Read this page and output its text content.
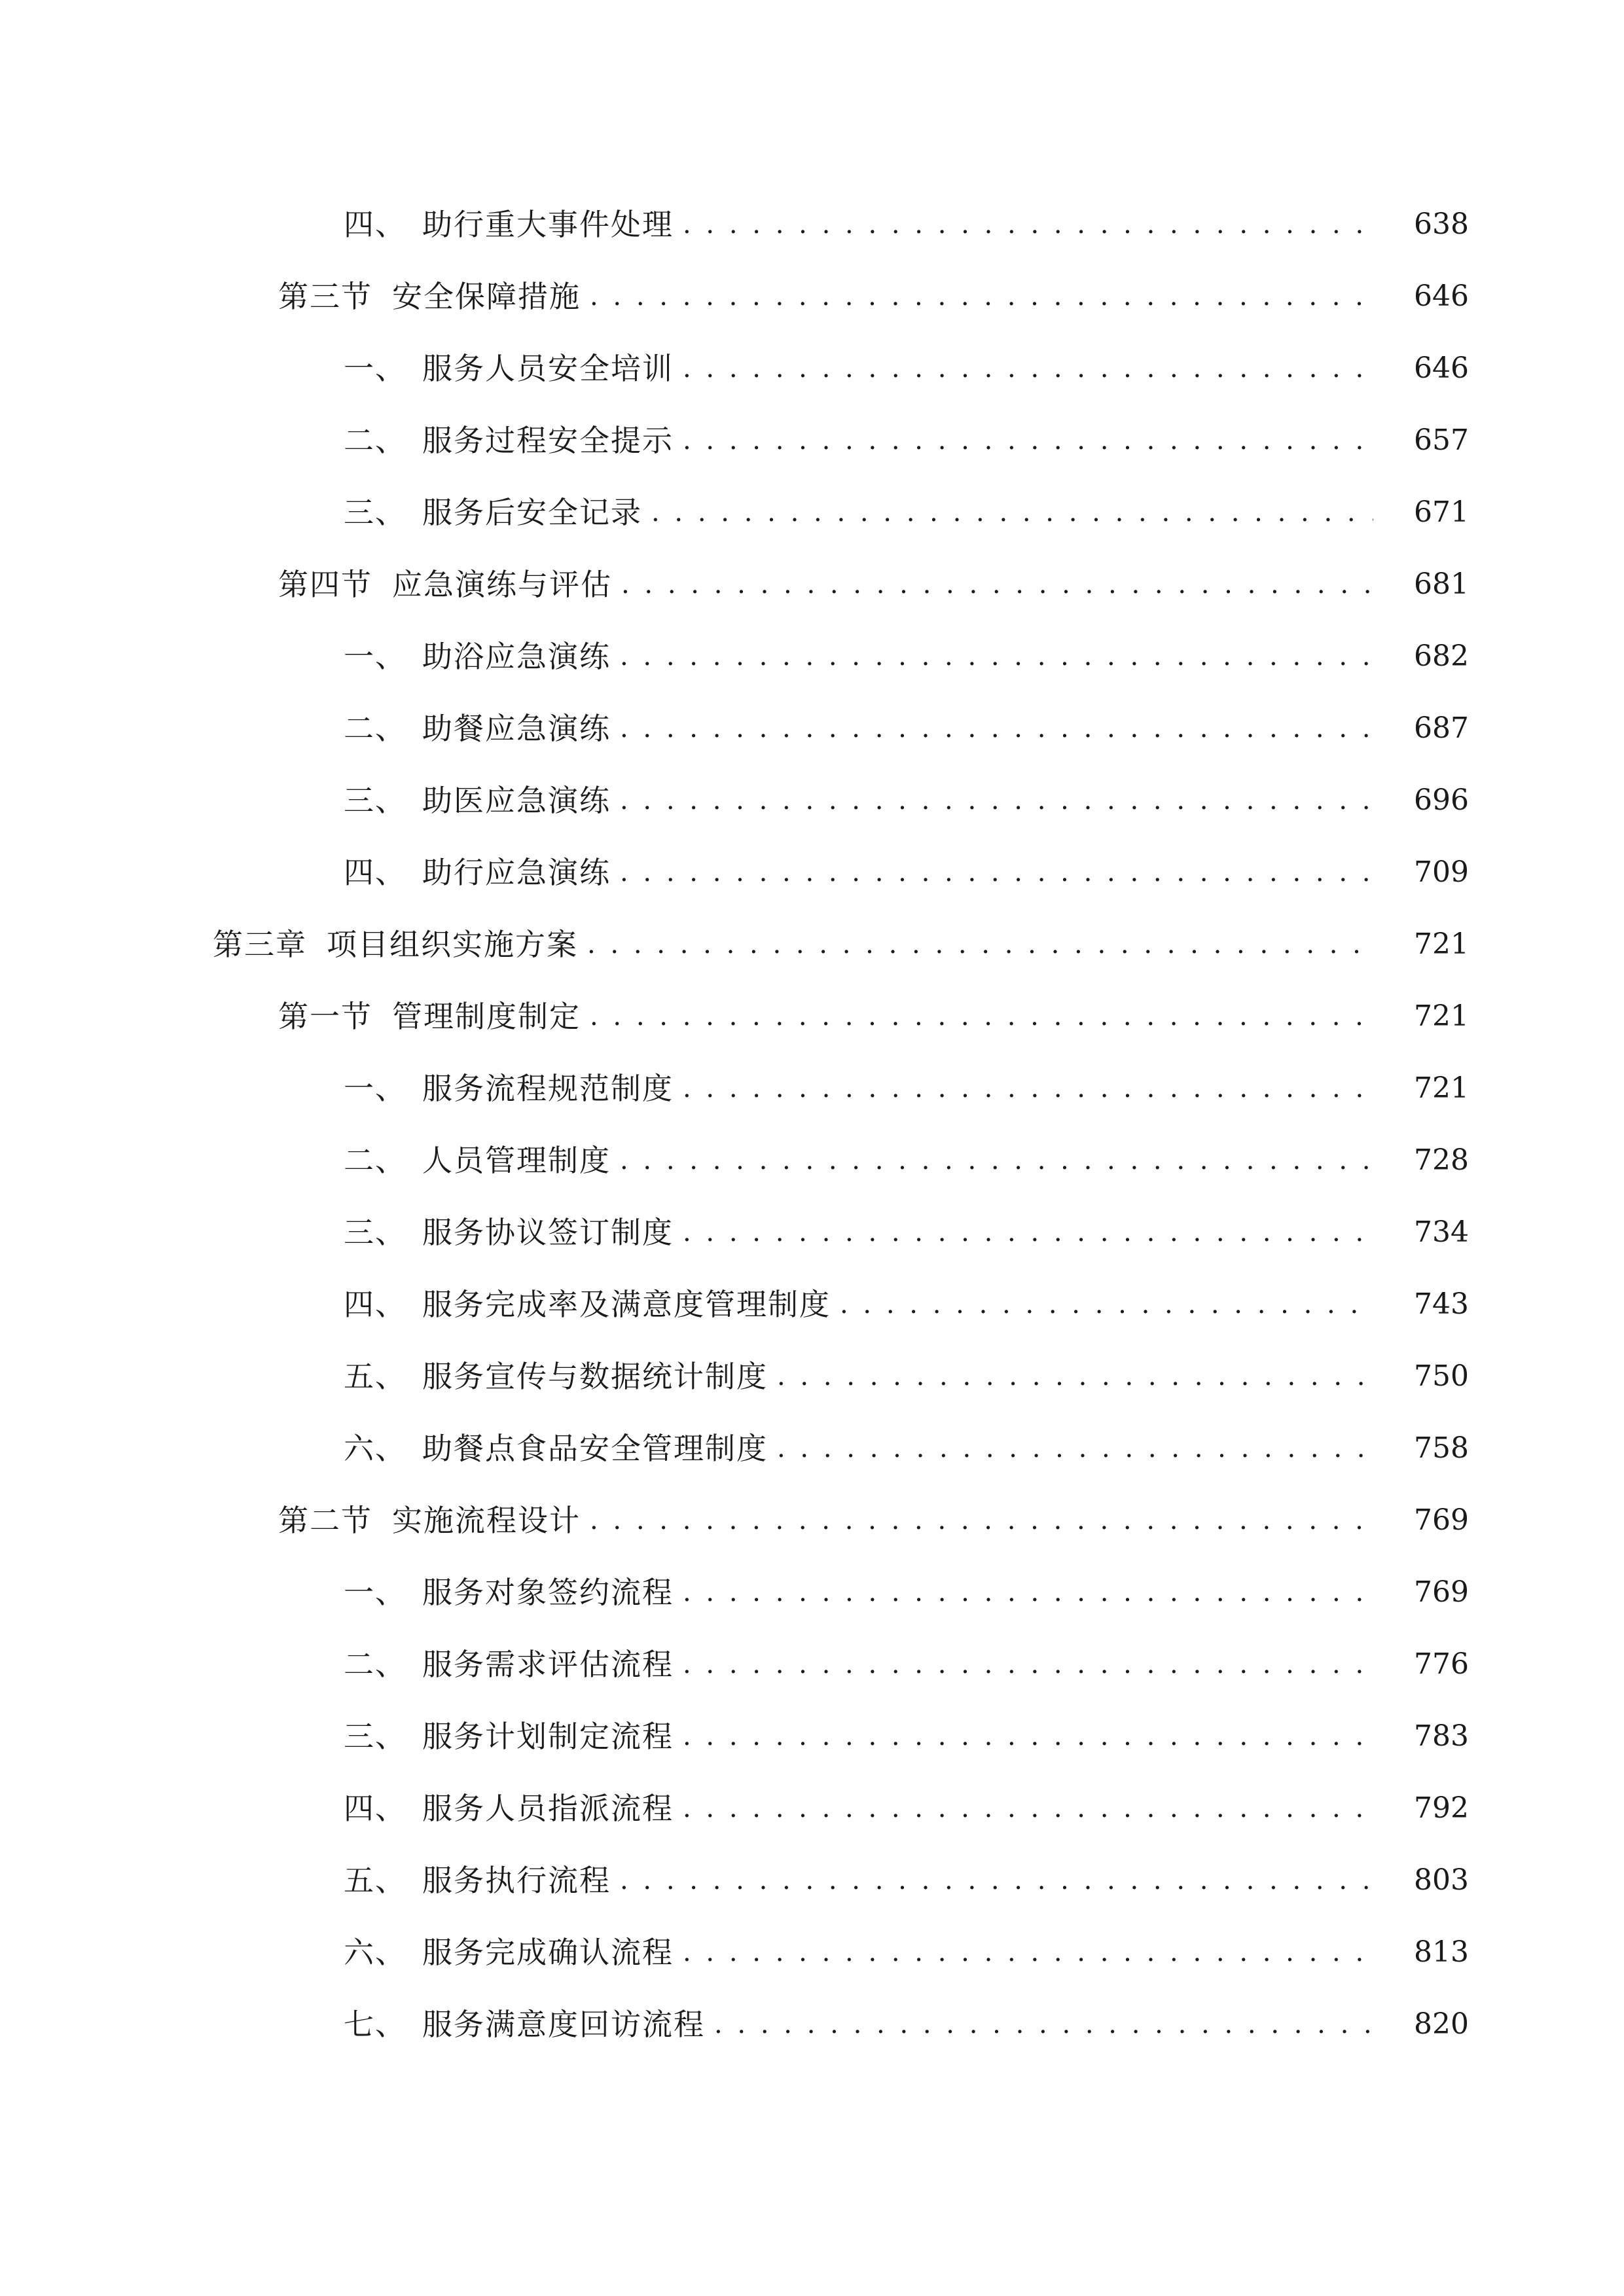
四、 助行重大事件处理 . . .	638
第三节 安全保障措施 . . .	646
一、 服务人员安全培训 . . .	646
二、 服务过程安全提示 . . .	657
三、 服务后安全记录 . . .	671
第四节 应急演练与评估 . . .	681
一、 助浴应急演练 . . .	682
二、 助餐应急演练 . . .	687
三、 助医应急演练 . . .	696
四、 助行应急演练 . . .	709
第三章 项目组织实施方案 . . .	721
第一节 管理制度制定 . . .	721
一、 服务流程规范制度 . . .	721
二、 人员管理制度 . . .	728
三、 服务协议签订制度 . . .	734
四、 服务完成率及满意度管理制度 . . .	743
五、 服务宣传与数据统计制度 . . .	750
六、 助餐点食品安全管理制度 . . .	758
第二节 实施流程设计 . . .	769
一、 服务对象签约流程 . . .	769
二、 服务需求评估流程 . . .	776
三、 服务计划制定流程 . . .	783
四、 服务人员指派流程 . . .	792
五、 服务执行流程 . . .	803
六、 服务完成确认流程 . . .	813
七、 服务满意度回访流程 . . .	820
